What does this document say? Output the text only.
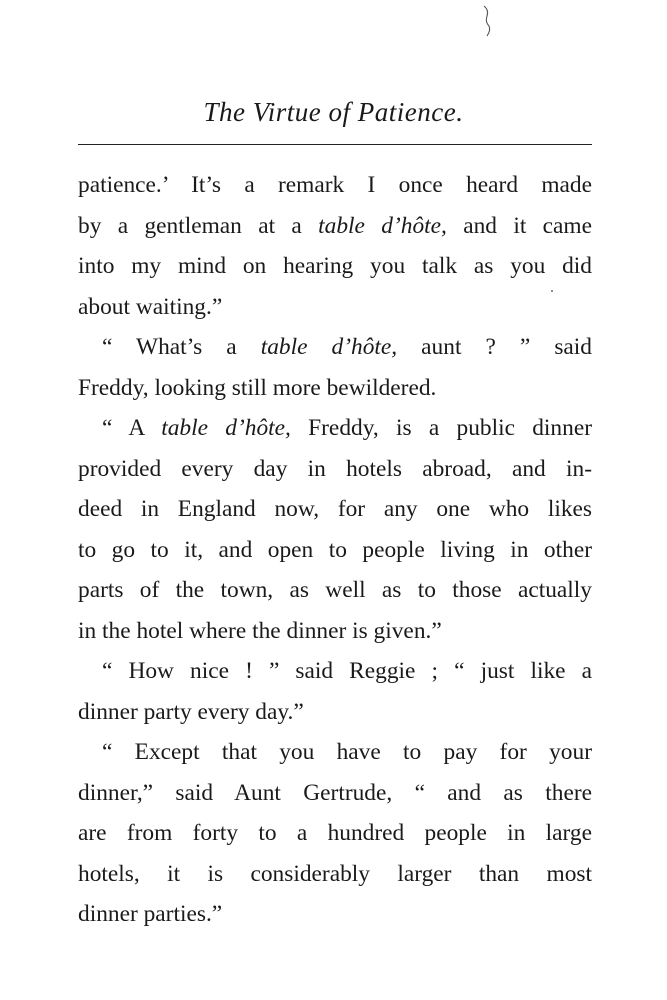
The Virtue of Patience.
patience.’ It’s a remark I once heard made
by a gentleman at a table d’hôte, and it came
into my mind on hearing you talk as you did
about waiting.”
“ What’s a table d’hôte, aunt ? ” said
Freddy, looking still more bewildered.
“ A table d’hôte, Freddy, is a public dinner
provided every day in hotels abroad, and in-
deed in England now, for any one who likes
to go to it, and open to people living in other
parts of the town, as well as to those actually
in the hotel where the dinner is given.”
“ How nice ! ” said Reggie ; “ just like a
dinner party every day.”
“ Except that you have to pay for your
dinner,” said Aunt Gertrude, “ and as there
are from forty to a hundred people in large
hotels, it is considerably larger than most
dinner parties.”
